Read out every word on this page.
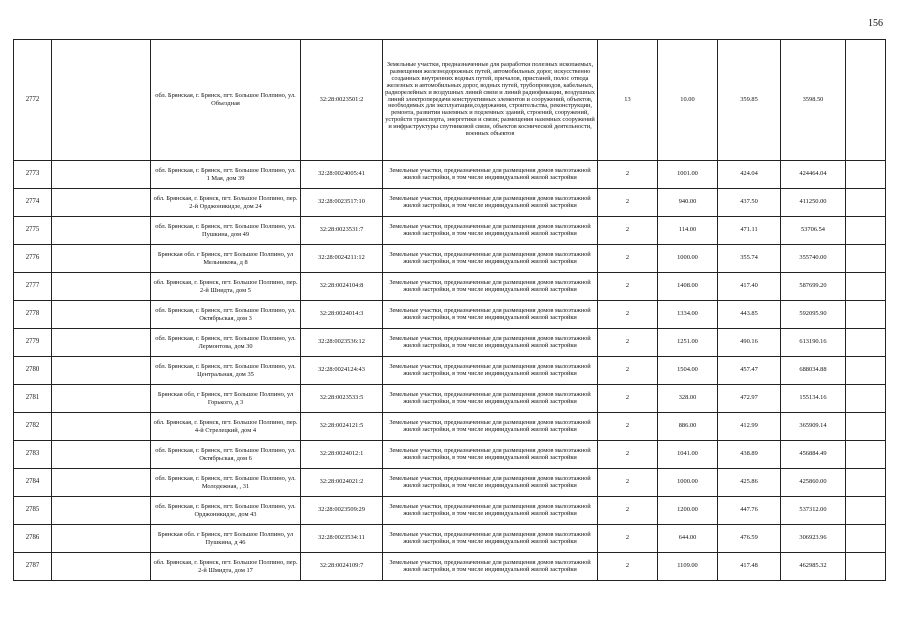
156
2772		обл. Брянская, г. Брянск, пгт. Большое Полпино, ул. Объездная	32:28:0023501:2	Земельные участки, предназначенные для разработки полезных ископаемых, размещения железнодорожных путей, автомобильных дорог, искусственно созданных внутренних водных путей, причалов, пристаней, полос отвода железных и автомобильных дорог, водных путей, трубопроводов, кабельных, радиорелейных и воздушных линий связи и линий радиофикации, воздушных линий электропередачи конструктивных элементов и сооружений, объектов, необходимых для эксплуатации,содержания, строительства, реконструкции, ремонта, развития наземных и подземных зданий, строений, сооружений, устройств транспорта, энергетики и связи; размещения наземных сооружений и инфраструктуры спутниковой связи, объектов космической деятельности, военных объектов	13	10.00	359.85	3598.50	
2773		обл. Брянская, г. Брянск, пгт. Большое Полпино, ул. 1 Мая, дом 39	32:28:0024005:41	Земельные участки, предназначенные для размещения домов малоэтажной жилой застройки, в том числе индивидуальной жилой застройки	2	1001.00	424.04	424464.04	
2774		обл. Брянская, г. Брянск, пгт. Большое Полпино, пер. 2-й Орджоникидзе, дом 24	32:28:0023517:10	Земельные участки, предназначенные для размещения домов малоэтажной жилой застройки, в том числе индивидуальной жилой застройки	2	940.00	437.50	411250.00	
2775		обл. Брянская, г. Брянск, пгт. Большое Полпино, ул. Пушкина, дом 49	32:28:0023531:7	Земельные участки, предназначенные для размещения домов малоэтажной жилой застройки, в том числе индивидуальной жилой застройки	2	114.00	471.11	53706.54	
2776		Брянская обл. г Брянск, пгт Большое Полпино, ул Мельникова, д 8	32:28:0024211:12	Земельные участки, предназначенные для размещения домов малоэтажной жилой застройки, в том числе индивидуальной жилой застройки	2	1000.00	355.74	355740.00	
2777		обл. Брянская, г. Брянск, пгт. Большое Полпино, пер. 2-й Шнидта, дом 5	32:28:0024104:8	Земельные участки, предназначенные для размещения домов малоэтажной жилой застройки, в том числе индивидуальной жилой застройки	2	1408.00	417.40	587699.20	
2778		обл. Брянская, г. Брянск, пгт. Большое Полпино, ул. Октябрьская, дом 3	32:28:0024014:3	Земельные участки, предназначенные для размещения домов малоэтажной жилой застройки, в том числе индивидуальной жилой застройки	2	1334.00	443.85	592095.90	
2779		обл. Брянская, г. Брянск, пгт. Большое Полпино, ул. Лермонтова, дом 30	32:28:0023536:12	Земельные участки, предназначенные для размещения домов малоэтажной жилой застройки, в том числе индивидуальной жилой застройки	2	1251.00	490.16	613190.16	
2780		обл. Брянская, г. Брянск, пгт. Большое Полпино, ул. Центральная, дом 35	32:28:0024124:43	Земельные участки, предназначенные для размещения домов малоэтажной жилой застройки, в том числе индивидуальной жилой застройки	2	1504.00	457.47	688034.88	
2781		Брянская обл, г Брянск, пгт Большое Полпино, ул Горького, д 3	32:28:0023533:5	Земельные участки, предназначенные для размещения домов малоэтажной жилой застройки, в том числе индивидуальной жилой застройки	2	328.00	472.97	155134.16	
2782		обл. Брянская, г. Брянск, пгт. Большое Полпино, пер. 4-й Стрелецкий, дом 4	32:28:0024121:5	Земельные участки, предназначенные для размещения домов малоэтажной жилой застройки, в том числе индивидуальной жилой застройки	2	886.00	412.99	365909.14	
2783		обл. Брянская, г. Брянск, пгт. Большое Полпино, ул. Октябрьская, дом 6	32:28:0024012:1	Земельные участки, предназначенные для размещения домов малоэтажной жилой застройки, в том числе индивидуальной жилой застройки	2	1041.00	438.89	456884.49	
2784		обл. Брянская, г. Брянск, пгт. Большое Полпино, ул. Молодежная, , 31	32:28:0024021:2	Земельные участки, предназначенные для размещения домов малоэтажной жилой застройки, в том числе индивидуальной жилой застройки	2	1000.00	425.86	425860.00	
2785		обл. Брянская, г. Брянск, пгт. Большое Полпино, ул. Орджоникидзе, дом 43	32:28:0023509:29	Земельные участки, предназначенные для размещения домов малоэтажной жилой застройки, в том числе индивидуальной жилой застройки	2	1200.00	447.76	537312.00	
2786		Брянская обл. г Брянск, пгт Большое Полпино, ул Пушкина, д 46	32:28:0023534:11	Земельные участки, предназначенные для размещения домов малоэтажной жилой застройки, в том числе индивидуальной жилой застройки	2	644.00	476.59	306923.96	
2787		обл. Брянская, г. Брянск, пгт. Большое Полпино, пер. 2-й Шмидта, дом 17	32:28:0024109:7	Земельные участки, предназначенные для размещения домов малоэтажной жилой застройки, в том числе индивидуальной жилой застройки	2	1109.00	417.48	462985.32	
